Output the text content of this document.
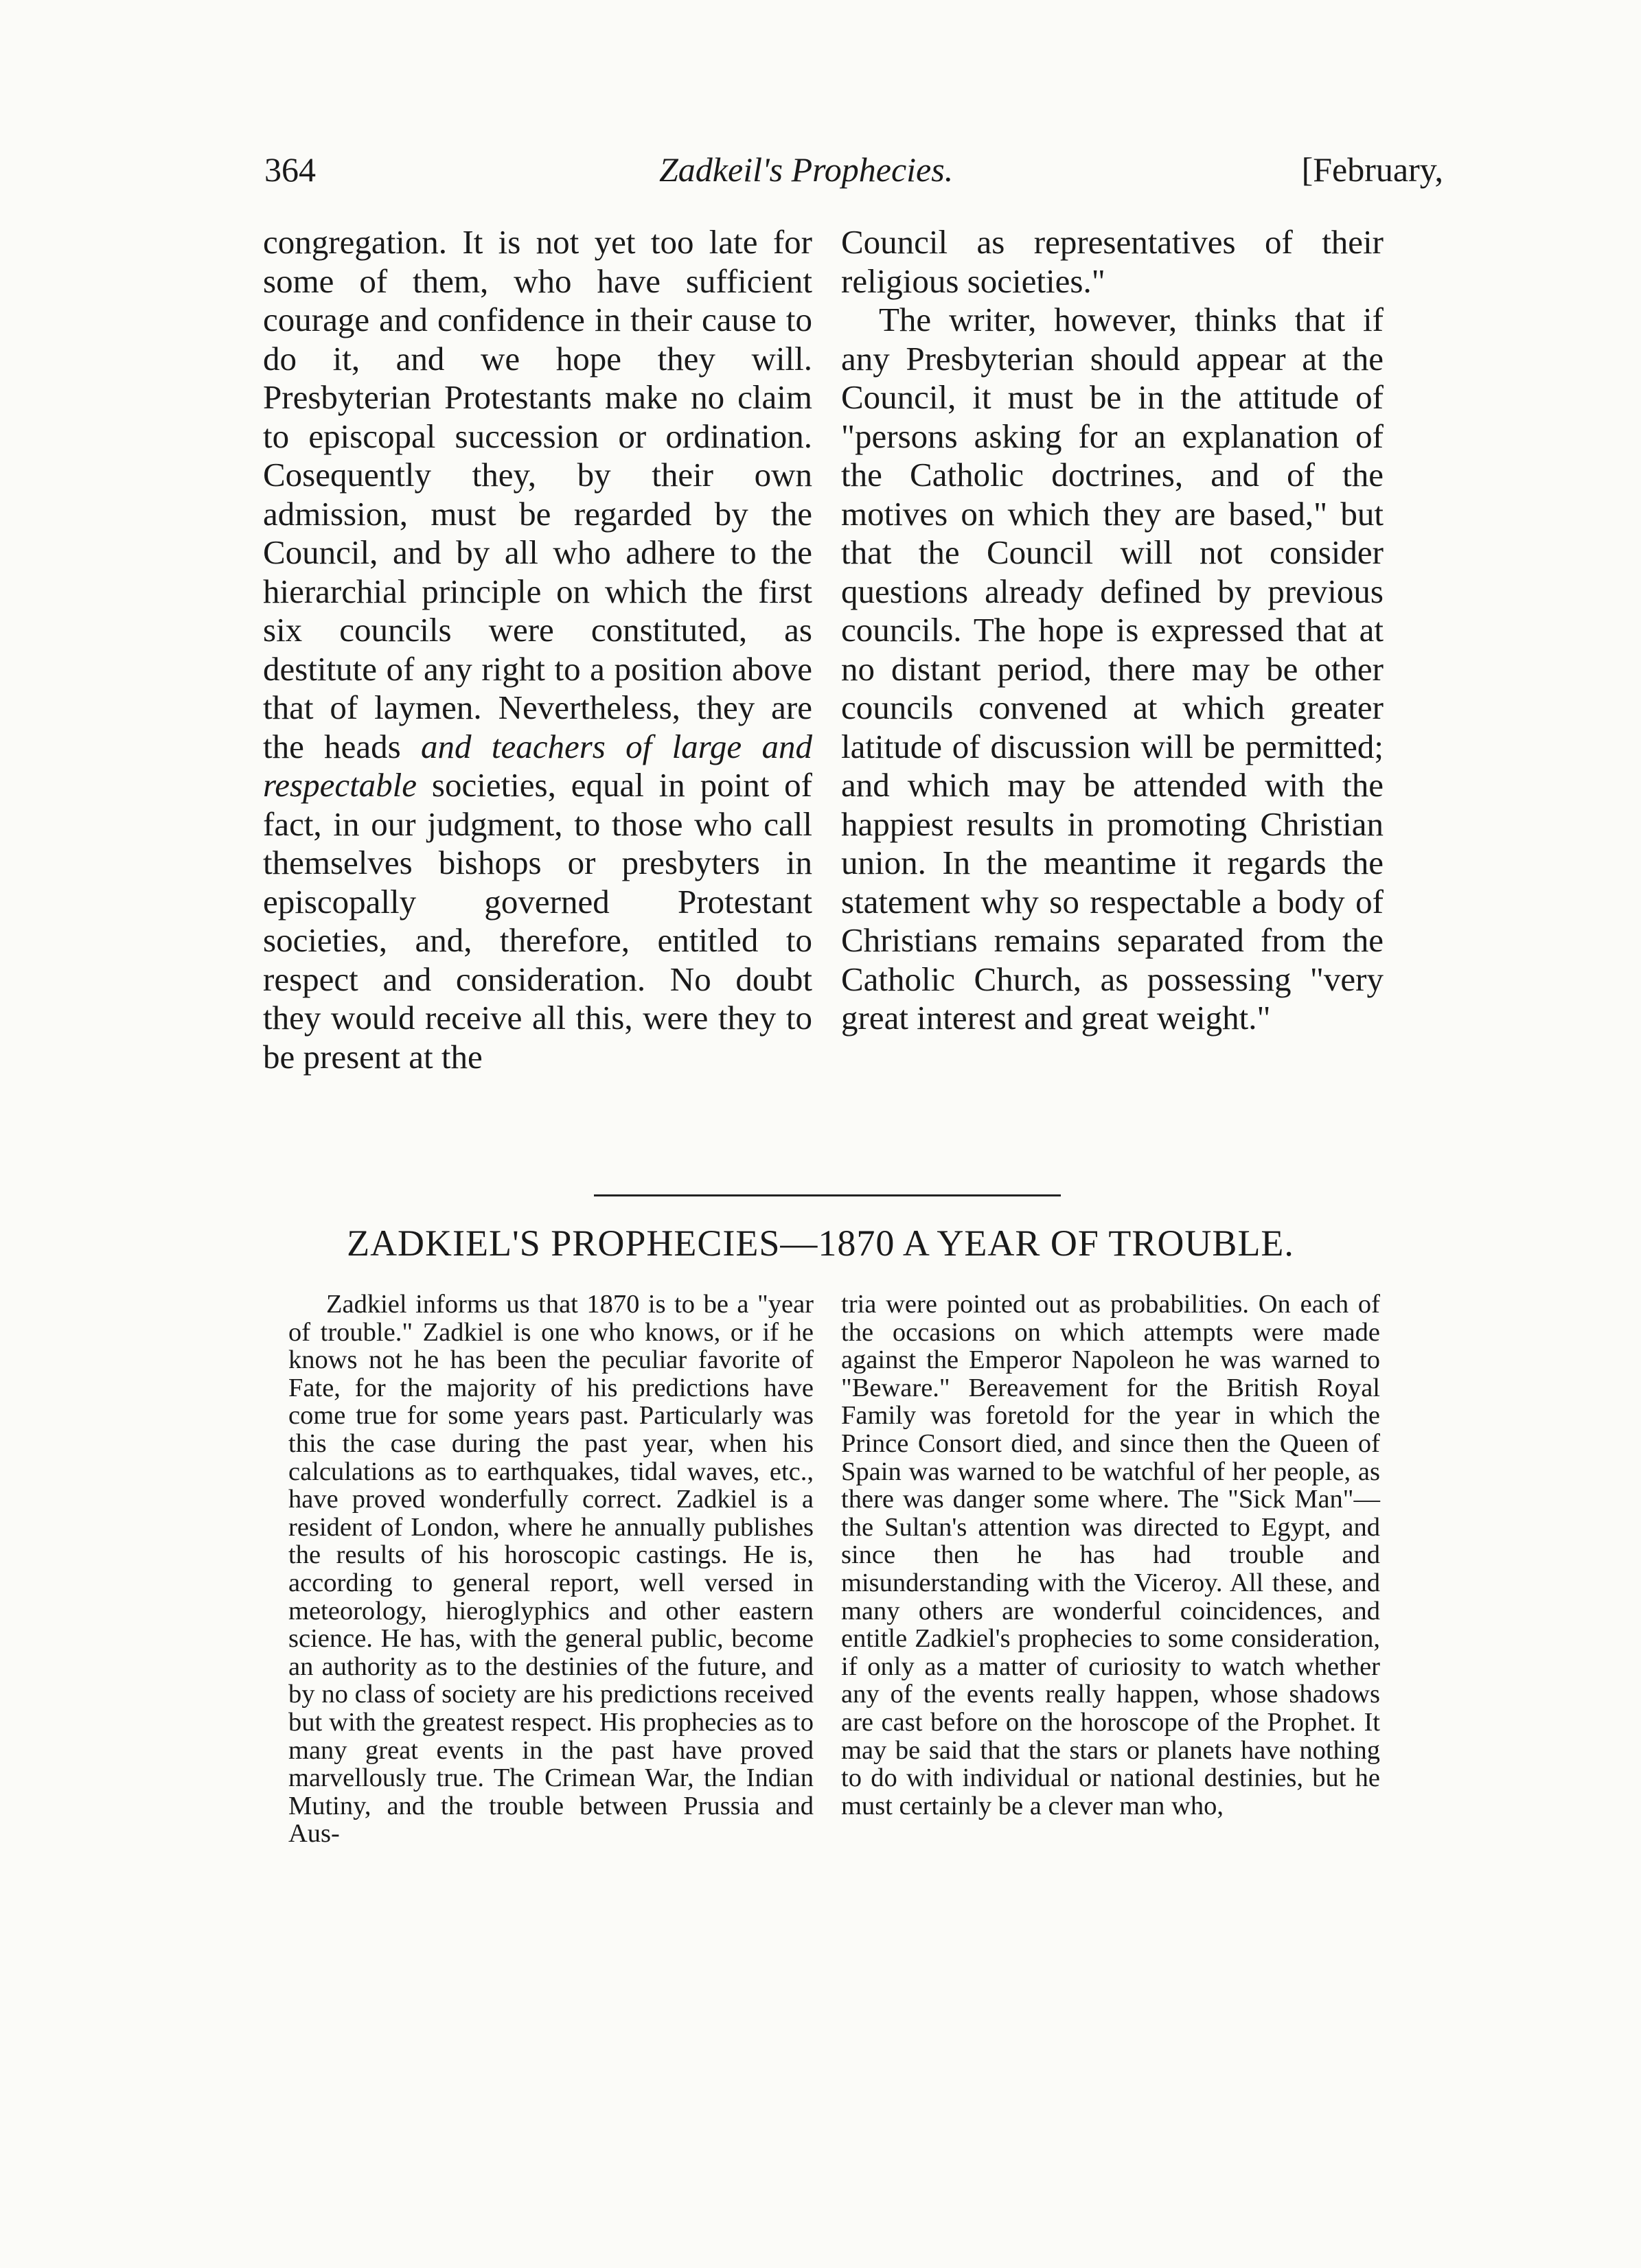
364	Zadkeil's Prophecies.	[February,

congregation. It is not yet too late for some of them, who have sufficient courage and confidence in their cause to do it, and we hope they will. Presbyterian Protestants make no claim to episcopal succession or ordination. Cosequently they, by their own admission, must be regarded by the Council, and by all who adhere to the hierarchial principle on which the first six councils were constituted, as destitute of any right to a position above that of laymen. Nevertheless, they are the heads and teachers of large and respectable societies, equal in point of fact, in our judgment, to those who call themselves bishops or presbyters in episcopally governed Protestant societies, and, therefore, entitled to respect and consideration. No doubt they would receive all this, were they to be present at the

Council as representatives of their religious societies."

The writer, however, thinks that if any Presbyterian should appear at the Council, it must be in the attitude of "persons asking for an explanation of the Catholic doctrines, and of the motives on which they are based," but that the Council will not consider questions already defined by previous councils. The hope is expressed that at no distant period, there may be other councils convened at which greater latitude of discussion will be permitted; and which may be attended with the happiest results in promoting Christian union. In the meantime it regards the statement why so respectable a body of Christians remains separated from the Catholic Church, as possessing "very great interest and great weight."

ZADKIEL'S PROPHECIES—1870 A YEAR OF TROUBLE.

Zadkiel informs us that 1870 is to be a "year of trouble." Zadkiel is one who knows, or if he knows not he has been the peculiar favorite of Fate, for the majority of his predictions have come true for some years past. Particularly was this the case during the past year, when his calculations as to earthquakes, tidal waves, etc., have proved wonderfully correct. Zadkiel is a resident of London, where he annually publishes the results of his horoscopic castings. He is, according to general report, well versed in meteorology, hieroglyphics and other eastern science. He has, with the general public, become an authority as to the destinies of the future, and by no class of society are his predictions received but with the greatest respect. His prophecies as to many great events in the past have proved marvellously true. The Crimean War, the Indian Mutiny, and the trouble between Prussia and Aus-

tria were pointed out as probabilities. On each of the occasions on which attempts were made against the Emperor Napoleon he was warned to "Beware." Bereavement for the British Royal Family was foretold for the year in which the Prince Consort died, and since then the Queen of Spain was warned to be watchful of her people, as there was danger some where. The "Sick Man"—the Sultan's attention was directed to Egypt, and since then he has had trouble and misunderstanding with the Viceroy. All these, and many others are wonderful coincidences, and entitle Zadkiel's prophecies to some consideration, if only as a matter of curiosity to watch whether any of the events really happen, whose shadows are cast before on the horoscope of the Prophet. It may be said that the stars or planets have nothing to do with individual or national destinies, but he must certainly be a clever man who,
